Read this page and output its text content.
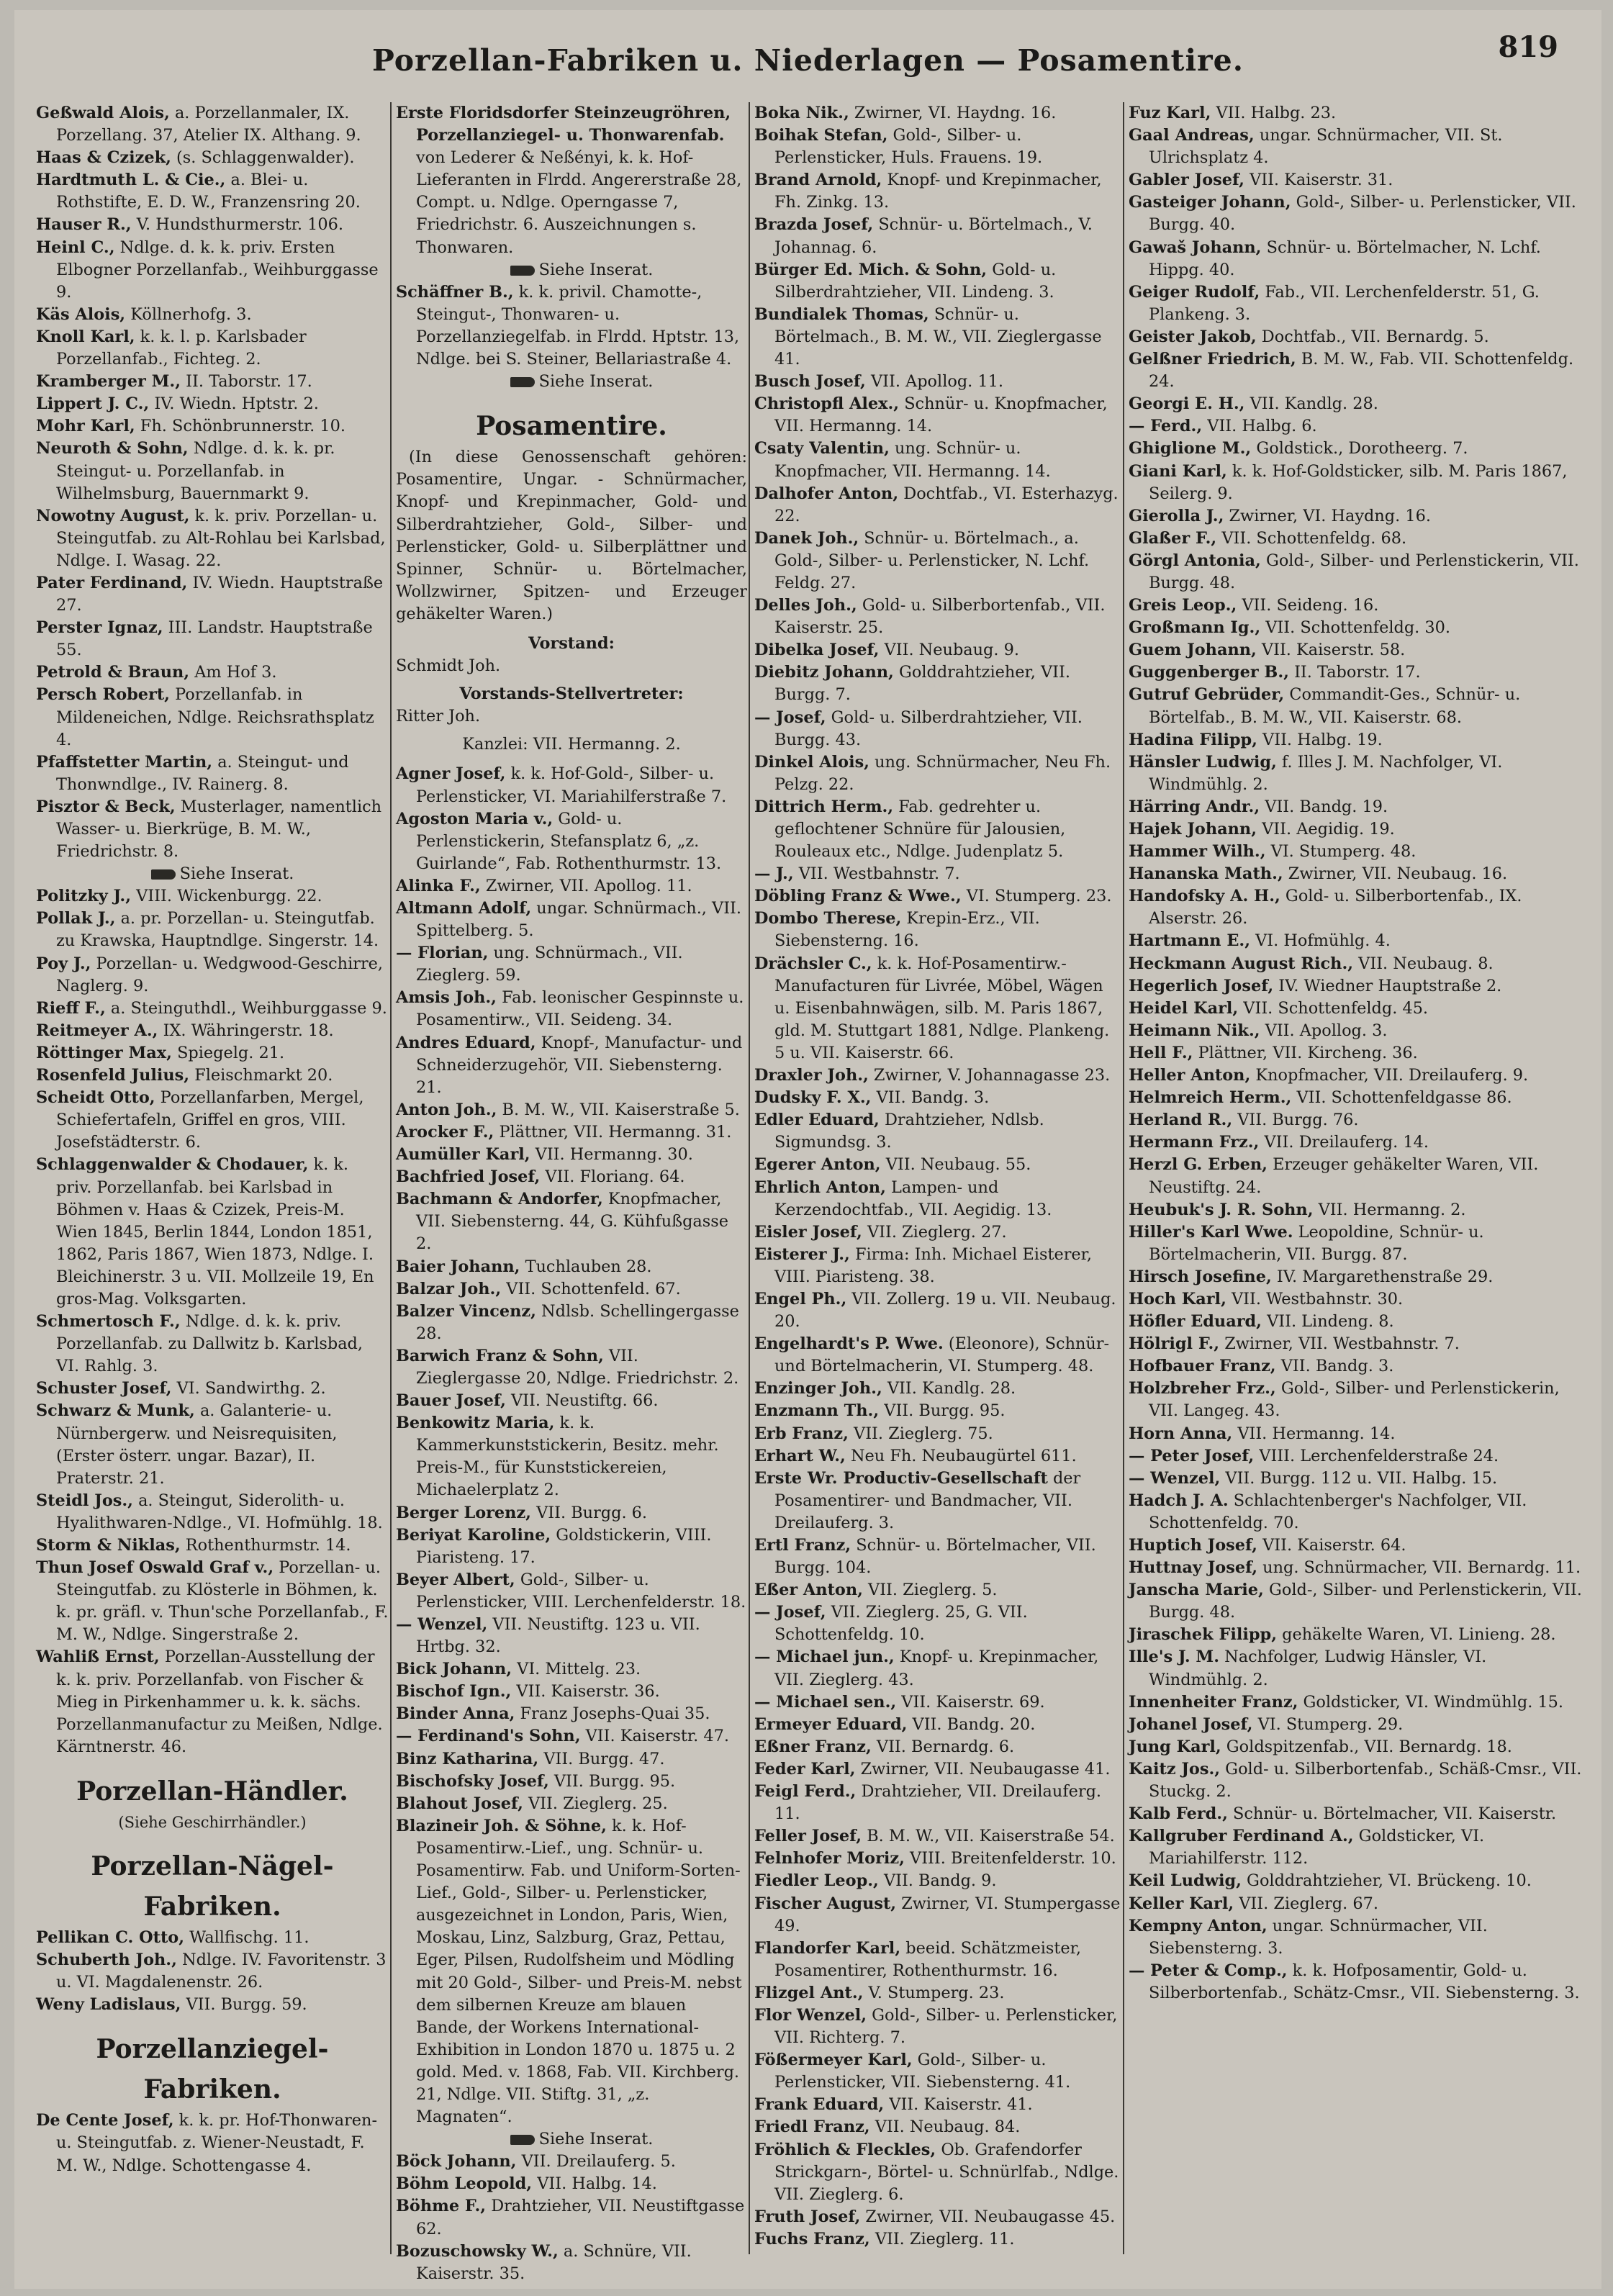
Porzellan-Fabriken u. Niederlagen — Posamentire.	819

Geßwald Alois, a. Porzellanmaler, IX. Porzellang. 37, Atelier IX. Althang. 9.

Haas & Czizek, (s. Schlaggenwalder).

Hardtmuth L. & Cie., a. Blei- u. Rothstifte, E. D. W., Franzensring 20.

Hauser R., V. Hundsthurmerstr. 106.

Heinl C., Ndlge. d. k. k. priv. Ersten Elbogner Porzellanfab., Weihburggasse 9.

Käs Alois, Köllnerhofg. 3.

Knoll Karl, k. k. l. p. Karlsbader Porzellanfab., Fichteg. 2.

Kramberger M., II. Taborstr. 17.

Lippert J. C., IV. Wiedn. Hptstr. 2.

Mohr Karl, Fh. Schönbrunnerstr. 10.

Neuroth & Sohn, Ndlge. d. k. k. pr. Steingut- u. Porzellanfab. in Wilhelmsburg, Bauernmarkt 9.

Nowotny August, k. k. priv. Porzellan- u. Steingutfab. zu Alt-Rohlau bei Karlsbad, Ndlge. I. Wasag. 22.

Pater Ferdinand, IV. Wiedn. Hauptstraße 27.

Perster Ignaz, III. Landstr. Hauptstraße 55.

Petrold & Braun, Am Hof 3.

Persch Robert, Porzellanfab. in Mildeneichen, Ndlge. Reichsrathsplatz 4.

Pfaffstetter Martin, a. Steingut- und Thonwndlge., IV. Rainerg. 8.

Pisztor & Beck, Musterlager, namentlich Wasser- u. Bierkrüge, B. M. W., Friedrichstr. 8.

Siehe Inserat.

Politzky J., VIII. Wickenburgg. 22.

Pollak J., a. pr. Porzellan- u. Steingutfab. zu Krawska, Hauptndlge. Singerstr. 14.

Poy J., Porzellan- u. Wedgwood-Geschirre, Naglerg. 9.

Rieff F., a. Steinguthdl., Weihburggasse 9.

Reitmeyer A., IX. Währingerstr. 18.

Röttinger Max, Spiegelg. 21.

Rosenfeld Julius, Fleischmarkt 20.

Scheidt Otto, Porzellanfarben, Mergel, Schiefertafeln, Griffel en gros, VIII. Josefstädterstr. 6.

Schlaggenwalder & Chodauer, k. k. priv. Porzellanfab. bei Karlsbad in Böhmen v. Haas & Czizek, Preis-M. Wien 1845, Berlin 1844, London 1851, 1862, Paris 1867, Wien 1873, Ndlge. I. Bleichinerstr. 3 u. VII. Mollzeile 19, En gros-Mag. Volksgarten.

Schmertosch F., Ndlge. d. k. k. priv. Porzellanfab. zu Dallwitz b. Karlsbad, VI. Rahlg. 3.

Schuster Josef, VI. Sandwirthg. 2.

Schwarz & Munk, a. Galanterie- u. Nürnbergerw. und Neisrequisiten, (Erster österr. ungar. Bazar), II. Praterstr. 21.

Steidl Jos., a. Steingut, Siderolith- u. Hyalithwaren-Ndlge., VI. Hofmühlg. 18.

Storm & Niklas, Rothenthurmstr. 14.

Thun Josef Oswald Graf v., Porzellan- u. Steingutfab. zu Klösterle in Böhmen, k. k. pr. gräfl. v. Thun'sche Porzellanfab., F. M. W., Ndlge. Singerstraße 2.

Wahliß Ernst, Porzellan-Ausstellung der k. k. priv. Porzellanfab. von Fischer & Mieg in Pirkenhammer u. k. k. sächs. Porzellanmanufactur zu Meißen, Ndlge. Kärntnerstr. 46.

Porzellan-Händler.
(Siehe Geschirrhändler.)
Porzellan-Nägel-Fabriken.

Pellikan C. Otto, Wallfischg. 11.

Schuberth Joh., Ndlge. IV. Favoritenstr. 3 u. VI. Magdalenenstr. 26.

Weny Ladislaus, VII. Burgg. 59.

Porzellanziegel-Fabriken.

De Cente Josef, k. k. pr. Hof-Thonwaren- u. Steingutfab. z. Wiener-Neustadt, F. M. W., Ndlge. Schottengasse 4.

Erste Floridsdorfer Steinzeugröhren, Porzellanziegel- u. Thonwarenfab. von Lederer & Neßényi, k. k. Hof-Lieferanten in Flrdd. Angererstraße 28, Compt. u. Ndlge. Operngasse 7, Friedrichstr. 6. Auszeichnungen s. Thonwaren.

Siehe Inserat.

Schäffner B., k. k. privil. Chamotte-, Steingut-, Thonwaren- u. Porzellanziegelfab. in Flrdd. Hptstr. 13, Ndlge. bei S. Steiner, Bellariastraße 4.

Siehe Inserat.

Posamentire.
(In diese Genossenschaft gehören: Posamentire, Ungar. - Schnürmacher, Knopf- und Krepinmacher, Gold- und Silberdrahtzieher, Gold-, Silber- und Perlensticker, Gold- u. Silberplättner und Spinner, Schnür- u. Börtelmacher, Wollzwirner, Spitzen- und Erzeuger gehäkelter Waren.)
Vorstand:
Schmidt Joh.
Vorstands-Stellvertreter:
Ritter Joh.
Kanzlei: VII. Hermanng. 2.

Agner Josef, k. k. Hof-Gold-, Silber- u. Perlensticker, VI. Mariahilferstraße 7.

Agoston Maria v., Gold- u. Perlenstickerin, Stefansplatz 6, „z. Guirlande“, Fab. Rothenthurmstr. 13.

Alinka F., Zwirner, VII. Apollog. 11.

Altmann Adolf, ungar. Schnürmach., VII. Spittelberg. 5.

— Florian, ung. Schnürmach., VII. Zieglerg. 59.

Amsis Joh., Fab. leonischer Gespinnste u. Posamentirw., VII. Seideng. 34.

Andres Eduard, Knopf-, Manufactur- und Schneiderzugehör, VII. Siebensterng. 21.

Anton Joh., B. M. W., VII. Kaiserstraße 5.

Arocker F., Plättner, VII. Hermanng. 31.

Aumüller Karl, VII. Hermanng. 30.

Bachfried Josef, VII. Floriang. 64.

Bachmann & Andorfer, Knopfmacher, VII. Siebensterng. 44, G. Kühfußgasse 2.

Baier Johann, Tuchlauben 28.

Balzar Joh., VII. Schottenfeld. 67.

Balzer Vincenz, Ndlsb. Schellingergasse 28.

Barwich Franz & Sohn, VII. Zieglergasse 20, Ndlge. Friedrichstr. 2.

Bauer Josef, VII. Neustiftg. 66.

Benkowitz Maria, k. k. Kammerkunststickerin, Besitz. mehr. Preis-M., für Kunststickereien, Michaelerplatz 2.

Berger Lorenz, VII. Burgg. 6.

Beriyat Karoline, Goldstickerin, VIII. Piaristeng. 17.

Beyer Albert, Gold-, Silber- u. Perlensticker, VIII. Lerchenfelderstr. 18.

— Wenzel, VII. Neustiftg. 123 u. VII. Hrtbg. 32.

Bick Johann, VI. Mittelg. 23.

Bischof Ign., VII. Kaiserstr. 36.

Binder Anna, Franz Josephs-Quai 35.

— Ferdinand's Sohn, VII. Kaiserstr. 47.

Binz Katharina, VII. Burgg. 47.

Bischofsky Josef, VII. Burgg. 95.

Blahout Josef, VII. Zieglerg. 25.

Blazineir Joh. & Söhne, k. k. Hof-Posamentirw.-Lief., ung. Schnür- u. Posamentirw. Fab. und Uniform-Sorten-Lief., Gold-, Silber- u. Perlensticker, ausgezeichnet in London, Paris, Wien, Moskau, Linz, Salzburg, Graz, Pettau, Eger, Pilsen, Rudolfsheim und Mödling mit 20 Gold-, Silber- und Preis-M. nebst dem silbernen Kreuze am blauen Bande, der Workens International-Exhibition in London 1870 u. 1875 u. 2 gold. Med. v. 1868, Fab. VII. Kirchberg. 21, Ndlge. VII. Stiftg. 31, „z. Magnaten“.

Siehe Inserat.

Böck Johann, VII. Dreilauferg. 5.

Böhm Leopold, VII. Halbg. 14.

Böhme F., Drahtzieher, VII. Neustiftgasse 62.

Bozuschowsky W., a. Schnüre, VII. Kaiserstr. 35.

Boka Nik., Zwirner, VI. Haydng. 16.

Boihak Stefan, Gold-, Silber- u. Perlensticker, Huls. Frauens. 19.

Brand Arnold, Knopf- und Krepinmacher, Fh. Zinkg. 13.

Brazda Josef, Schnür- u. Börtelmach., V. Johannag. 6.

Bürger Ed. Mich. & Sohn, Gold- u. Silberdrahtzieher, VII. Lindeng. 3.

Bundialek Thomas, Schnür- u. Börtelmach., B. M. W., VII. Zieglergasse 41.

Busch Josef, VII. Apollog. 11.

Christopfl Alex., Schnür- u. Knopfmacher, VII. Hermanng. 14.

Csaty Valentin, ung. Schnür- u. Knopfmacher, VII. Hermanng. 14.

Dalhofer Anton, Dochtfab., VI. Esterhazyg. 22.

Danek Joh., Schnür- u. Börtelmach., a. Gold-, Silber- u. Perlensticker, N. Lchf. Feldg. 27.

Delles Joh., Gold- u. Silberbortenfab., VII. Kaiserstr. 25.

Dibelka Josef, VII. Neubaug. 9.

Diebitz Johann, Golddrahtzieher, VII. Burgg. 7.

— Josef, Gold- u. Silberdrahtzieher, VII. Burgg. 43.

Dinkel Alois, ung. Schnürmacher, Neu Fh. Pelzg. 22.

Dittrich Herm., Fab. gedrehter u. geflochtener Schnüre für Jalousien, Rouleaux etc., Ndlge. Judenplatz 5.

— J., VII. Westbahnstr. 7.

Döbling Franz & Wwe., VI. Stumperg. 23.

Dombo Therese, Krepin-Erz., VII. Siebensterng. 16.

Drächsler C., k. k. Hof-Posamentirw.-Manufacturen für Livrée, Möbel, Wägen u. Eisenbahnwägen, silb. M. Paris 1867, gld. M. Stuttgart 1881, Ndlge. Plankeng. 5 u. VII. Kaiserstr. 66.

Draxler Joh., Zwirner, V. Johannagasse 23.

Dudsky F. X., VII. Bandg. 3.

Edler Eduard, Drahtzieher, Ndlsb. Sigmundsg. 3.

Egerer Anton, VII. Neubaug. 55.

Ehrlich Anton, Lampen- und Kerzendochtfab., VII. Aegidig. 13.

Eisler Josef, VII. Zieglerg. 27.

Eisterer J., Firma: Inh. Michael Eisterer, VIII. Piaristeng. 38.

Engel Ph., VII. Zollerg. 19 u. VII. Neubaug. 20.

Engelhardt's P. Wwe. (Eleonore), Schnür- und Börtelmacherin, VI. Stumperg. 48.

Enzinger Joh., VII. Kandlg. 28.

Enzmann Th., VII. Burgg. 95.

Erb Franz, VII. Zieglerg. 75.

Erhart W., Neu Fh. Neubaugürtel 611.

Erste Wr. Productiv-Gesellschaft der Posamentirer- und Bandmacher, VII. Dreilauferg. 3.

Ertl Franz, Schnür- u. Börtelmacher, VII. Burgg. 104.

Eßer Anton, VII. Zieglerg. 5.

— Josef, VII. Zieglerg. 25, G. VII. Schottenfeldg. 10.

— Michael jun., Knopf- u. Krepinmacher, VII. Zieglerg. 43.

— Michael sen., VII. Kaiserstr. 69.

Ermeyer Eduard, VII. Bandg. 20.

Eßner Franz, VII. Bernardg. 6.

Feder Karl, Zwirner, VII. Neubaugasse 41.

Feigl Ferd., Drahtzieher, VII. Dreilauferg. 11.

Feller Josef, B. M. W., VII. Kaiserstraße 54.

Felnhofer Moriz, VIII. Breitenfelderstr. 10.

Fiedler Leop., VII. Bandg. 9.

Fischer August, Zwirner, VI. Stumpergasse 49.

Flandorfer Karl, beeid. Schätzmeister, Posamentirer, Rothenthurmstr. 16.

Flizgel Ant., V. Stumperg. 23.

Flor Wenzel, Gold-, Silber- u. Perlensticker, VII. Richterg. 7.

Fößermeyer Karl, Gold-, Silber- u. Perlensticker, VII. Siebensterng. 41.

Frank Eduard, VII. Kaiserstr. 41.

Friedl Franz, VII. Neubaug. 84.

Fröhlich & Fleckles, Ob. Grafendorfer Strickgarn-, Börtel- u. Schnürlfab., Ndlge. VII. Zieglerg. 6.

Fruth Josef, Zwirner, VII. Neubaugasse 45.

Fuchs Franz, VII. Zieglerg. 11.

Fuz Karl, VII. Halbg. 23.

Gaal Andreas, ungar. Schnürmacher, VII. St. Ulrichsplatz 4.

Gabler Josef, VII. Kaiserstr. 31.

Gasteiger Johann, Gold-, Silber- u. Perlensticker, VII. Burgg. 40.

Gawaš Johann, Schnür- u. Börtelmacher, N. Lchf. Hippg. 40.

Geiger Rudolf, Fab., VII. Lerchenfelderstr. 51, G. Plankeng. 3.

Geister Jakob, Dochtfab., VII. Bernardg. 5.

Gelßner Friedrich, B. M. W., Fab. VII. Schottenfeldg. 24.

Georgi E. H., VII. Kandlg. 28.

— Ferd., VII. Halbg. 6.

Ghiglione M., Goldstick., Dorotheerg. 7.

Giani Karl, k. k. Hof-Goldsticker, silb. M. Paris 1867, Seilerg. 9.

Gierolla J., Zwirner, VI. Haydng. 16.

Glaßer F., VII. Schottenfeldg. 68.

Görgl Antonia, Gold-, Silber- und Perlenstickerin, VII. Burgg. 48.

Greis Leop., VII. Seideng. 16.

Großmann Ig., VII. Schottenfeldg. 30.

Guem Johann, VII. Kaiserstr. 58.

Guggenberger B., II. Taborstr. 17.

Gutruf Gebrüder, Commandit-Ges., Schnür- u. Börtelfab., B. M. W., VII. Kaiserstr. 68.

Hadina Filipp, VII. Halbg. 19.

Hänsler Ludwig, f. Illes J. M. Nachfolger, VI. Windmühlg. 2.

Härring Andr., VII. Bandg. 19.

Hajek Johann, VII. Aegidig. 19.

Hammer Wilh., VI. Stumperg. 48.

Hananska Math., Zwirner, VII. Neubaug. 16.

Handofsky A. H., Gold- u. Silberbortenfab., IX. Alserstr. 26.

Hartmann E., VI. Hofmühlg. 4.

Heckmann August Rich., VII. Neubaug. 8.

Hegerlich Josef, IV. Wiedner Hauptstraße 2.

Heidel Karl, VII. Schottenfeldg. 45.

Heimann Nik., VII. Apollog. 3.

Hell F., Plättner, VII. Kircheng. 36.

Heller Anton, Knopfmacher, VII. Dreilauferg. 9.

Helmreich Herm., VII. Schottenfeldgasse 86.

Herland R., VII. Burgg. 76.

Hermann Frz., VII. Dreilauferg. 14.

Herzl G. Erben, Erzeuger gehäkelter Waren, VII. Neustiftg. 24.

Heubuk's J. R. Sohn, VII. Hermanng. 2.

Hiller's Karl Wwe. Leopoldine, Schnür- u. Börtelmacherin, VII. Burgg. 87.

Hirsch Josefine, IV. Margarethenstraße 29.

Hoch Karl, VII. Westbahnstr. 30.

Höfler Eduard, VII. Lindeng. 8.

Hölrigl F., Zwirner, VII. Westbahnstr. 7.

Hofbauer Franz, VII. Bandg. 3.

Holzbreher Frz., Gold-, Silber- und Perlenstickerin, VII. Langeg. 43.

Horn Anna, VII. Hermanng. 14.

— Peter Josef, VIII. Lerchenfelderstraße 24.

— Wenzel, VII. Burgg. 112 u. VII. Halbg. 15.

Hadch J. A. Schlachtenberger's Nachfolger, VII. Schottenfeldg. 70.

Huptich Josef, VII. Kaiserstr. 64.

Huttnay Josef, ung. Schnürmacher, VII. Bernardg. 11.

Janscha Marie, Gold-, Silber- und Perlenstickerin, VII. Burgg. 48.

Jiraschek Filipp, gehäkelte Waren, VI. Linieng. 28.

Ille's J. M. Nachfolger, Ludwig Hänsler, VI. Windmühlg. 2.

Innenheiter Franz, Goldsticker, VI. Windmühlg. 15.

Johanel Josef, VI. Stumperg. 29.

Jung Karl, Goldspitzenfab., VII. Bernardg. 18.

Kaitz Jos., Gold- u. Silberbortenfab., Schäß-Cmsr., VII. Stuckg. 2.

Kalb Ferd., Schnür- u. Börtelmacher, VII. Kaiserstr.

Kallgruber Ferdinand A., Goldsticker, VI. Mariahilferstr. 112.

Keil Ludwig, Golddrahtzieher, VI. Brückeng. 10.

Keller Karl, VII. Zieglerg. 67.

Kempny Anton, ungar. Schnürmacher, VII. Siebensterng. 3.

— Peter & Comp., k. k. Hofposamentir, Gold- u. Silberbortenfab., Schätz-Cmsr., VII. Siebensterng. 3.
